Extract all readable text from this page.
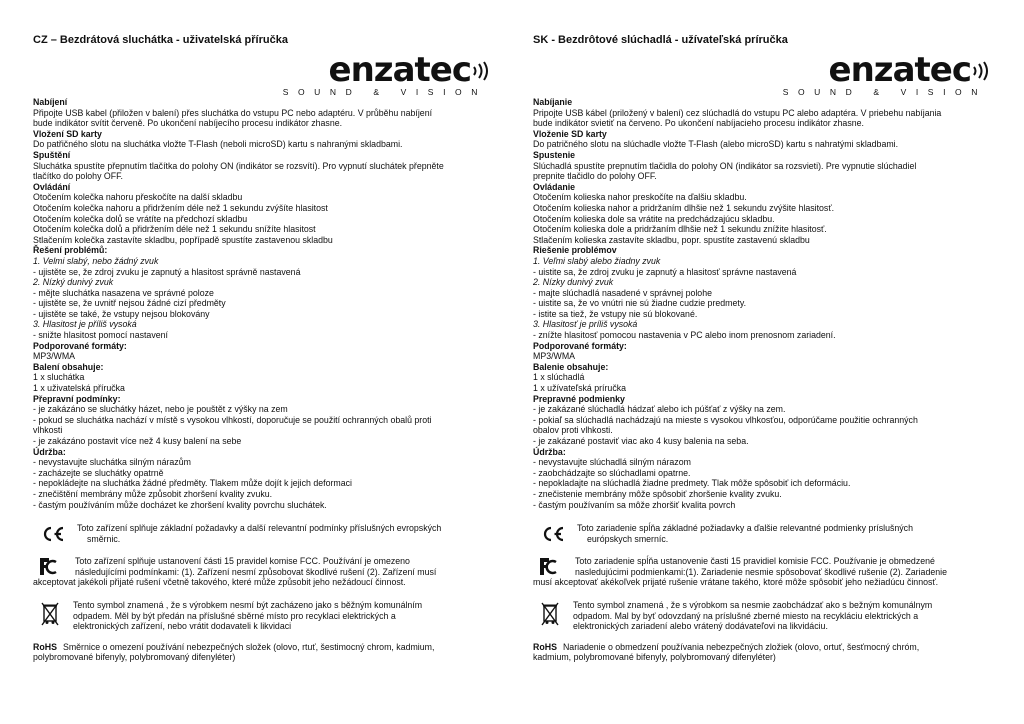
CZ – Bezdrátová sluchátka - uživatelská příručka
enzatec
SOUND & VISION
Nabíjení
Připojte USB kabel (přiložen v balení) přes sluchátka do vstupu PC nebo adaptéru. V průběhu nabíjení
bude indikátor svítit červeně. Po ukončení nabíjecího procesu indikátor zhasne.
Vložení SD karty
Do patřičného slotu na sluchátka vložte T-Flash (neboli microSD) kartu s nahranými skladbami.
Spuštění
Sluchátka spustíte přepnutím tlačítka do polohy ON (indikátor se rozsvítí). Pro vypnutí sluchátek přepněte
tlačítko do polohy OFF.
Ovládání
Otočením kolečka nahoru přeskočíte na další skladbu
Otočením kolečka nahoru a přidržením déle než 1 sekundu zvýšíte hlasitost
Otočením kolečka dolů se vrátíte na předchozí skladbu
Otočením kolečka dolů a přidržením déle než 1 sekundu snížíte hlasitost
Stlačením kolečka zastavíte skladbu, popřípadě spustíte zastavenou skladbu
Řešení problémů:
1. Velmi slabý, nebo žádný zvuk
- ujistěte se, že zdroj zvuku je zapnutý a hlasitost správně nastavená
2. Nízký dunivý zvuk
- mějte sluchátka nasazena ve správné poloze
- ujistěte se, že uvnitř nejsou žádné cizí předměty
- ujistěte se také, že vstupy nejsou blokovány
3. Hlasitost je příliš vysoká
- snižte hlasitost pomocí nastavení
Podporované formáty:
MP3/WMA
Balení obsahuje:
1 x sluchátka
1 x uživatelská příručka
Přepravní podmínky:
- je zakázáno se sluchátky házet, nebo je pouštět z výšky na zem
- pokud se sluchátka nachází v místě s vysokou vlhkostí, doporučuje se použití ochranných obalů proti
vlhkosti
- je zakázáno postavit více než 4 kusy balení na sebe
Údržba:
- nevystavujte sluchátka silným nárazům
- zacházejte se sluchátky opatrně
- nepokládejte na sluchátka žádné předměty. Tlakem může dojít k jejich deformaci
- znečištění membrány může způsobit zhoršení kvality zvuku.
- častým používáním může docházet ke zhoršení kvality povrchu sluchátek.
Toto zařízení splňuje základní požadavky a další relevantní podmínky příslušných evropských
směrnic.
Toto zařízení splňuje ustanovení části 15 pravidel komise FCC. Používání je omezeno
následujícími podmínkami: (1). Zařízení nesmí způsobovat škodlivé rušení (2). Zařízení musí
akceptovat jakékoli přijaté rušení včetně takového, které může způsobit jeho nežádoucí činnost.
Tento symbol znamená , že s výrobkem nesmí být zacházeno jako s běžným komunálním
odpadem. Měl by být předán na příslušné sběrné místo pro recyklaci elektrických a
elektronických zařízení, nebo vrátit dodavateli k likvidaci
RoHS Směrnice o omezení používání nebezpečných složek (olovo, rtuť, šestimocný chrom, kadmium,
polybromované bifenyly, polybromovaný difenyléter)
SK - Bezdrôtové slúchadlá - užívateľská príručka
enzatec
SOUND & VISION
Nabíjanie
Pripojte USB kábel (priložený v balení) cez slúchadlá do vstupu PC alebo adaptéra. V priebehu nabíjania
bude indikátor svietiť na červeno. Po ukončení nabíjacieho procesu indikátor zhasne.
Vloženie SD karty
Do patričného slotu na slúchadle vložte T-Flash (alebo microSD) kartu s nahratými skladbami.
Spustenie
Slúchadlá spustíte prepnutím tlačidla do polohy ON (indikátor sa rozsvieti). Pre vypnutie slúchadiel
prepnite tlačidlo do polohy OFF.
Ovládanie
Otočením kolieska nahor preskočíte na ďalšiu skladbu.
Otočením kolieska nahor a pridržaním dlhšie než 1 sekundu zvýšite hlasitosť.
Otočením kolieska dole sa vrátite na predchádzajúcu skladbu.
Otočením kolieska dole a pridržaním dlhšie než 1 sekundu znížite hlasitosť.
Stlačením kolieska zastavíte skladbu, popr. spustíte zastavenú skladbu
Riešenie problémov
1. Veľmi slabý alebo žiadny zvuk
- uistite sa, že zdroj zvuku je zapnutý a hlasitosť správne nastavená
2. Nízky dunivý zvuk
- majte slúchadlá nasadené v správnej polohe
- uistite sa, že vo vnútri nie sú žiadne cudzie predmety.
- istite sa tiež, že vstupy nie sú blokované.
3. Hlasitosť je príliš vysoká
- znížte hlasitosť pomocou nastavenia v PC alebo inom prenosnom zariadení.
Podporované formáty:
MP3/WMA
Balenie obsahuje:
1 x slúchadlá
1 x užívateľská príručka
Prepravné podmienky
- je zakázané slúchadlá hádzať alebo ich púšťať z výšky na zem.
- pokiaľ sa slúchadlá nachádzajú na mieste s vysokou vlhkosťou, odporúčame použitie ochranných
obalov proti vlhkosti.
- je zakázané postaviť viac ako 4 kusy balenia na seba.
Údržba:
- nevystavujte slúchadlá silným nárazom
- zaobchádzajte so slúchadlami opatrne.
- nepokladajte na slúchadlá žiadne predmety. Tlak môže spôsobiť ich deformáciu.
- znečistenie membrány môže spôsobiť zhoršenie kvality zvuku.
- častým používaním sa môže zhoršiť kvalita povrch
Toto zariadenie spĺňa základné požiadavky a ďalšie relevantné podmienky príslušných
európskych smerníc.
Toto zariadenie spĺňa ustanovenie časti 15 pravidiel komisie FCC. Používanie je obmedzené
nasledujúcimi podmienkami:(1). Zariadenie nesmie spôsobovať škodlivé rušenie (2). Zariadenie
musí akceptovať akékoľvek prijaté rušenie vrátane takého, ktoré môže spôsobiť jeho nežiadúcu činnosť.
Tento symbol znamená , že s výrobkom sa nesmie zaobchádzať ako s bežným komunálnym
odpadom. Mal by byť odovzdaný na príslušné zberné miesto na recykláciu elektrických a
elektronických zariadení alebo vrátený dodávateľovi na likvidáciu.
RoHS Nariadenie o obmedzení používania nebezpečných zložiek (olovo, ortuť, šesťmocný chróm,
kadmium, polybromované bifenyly, polybromovaný difenyléter)
